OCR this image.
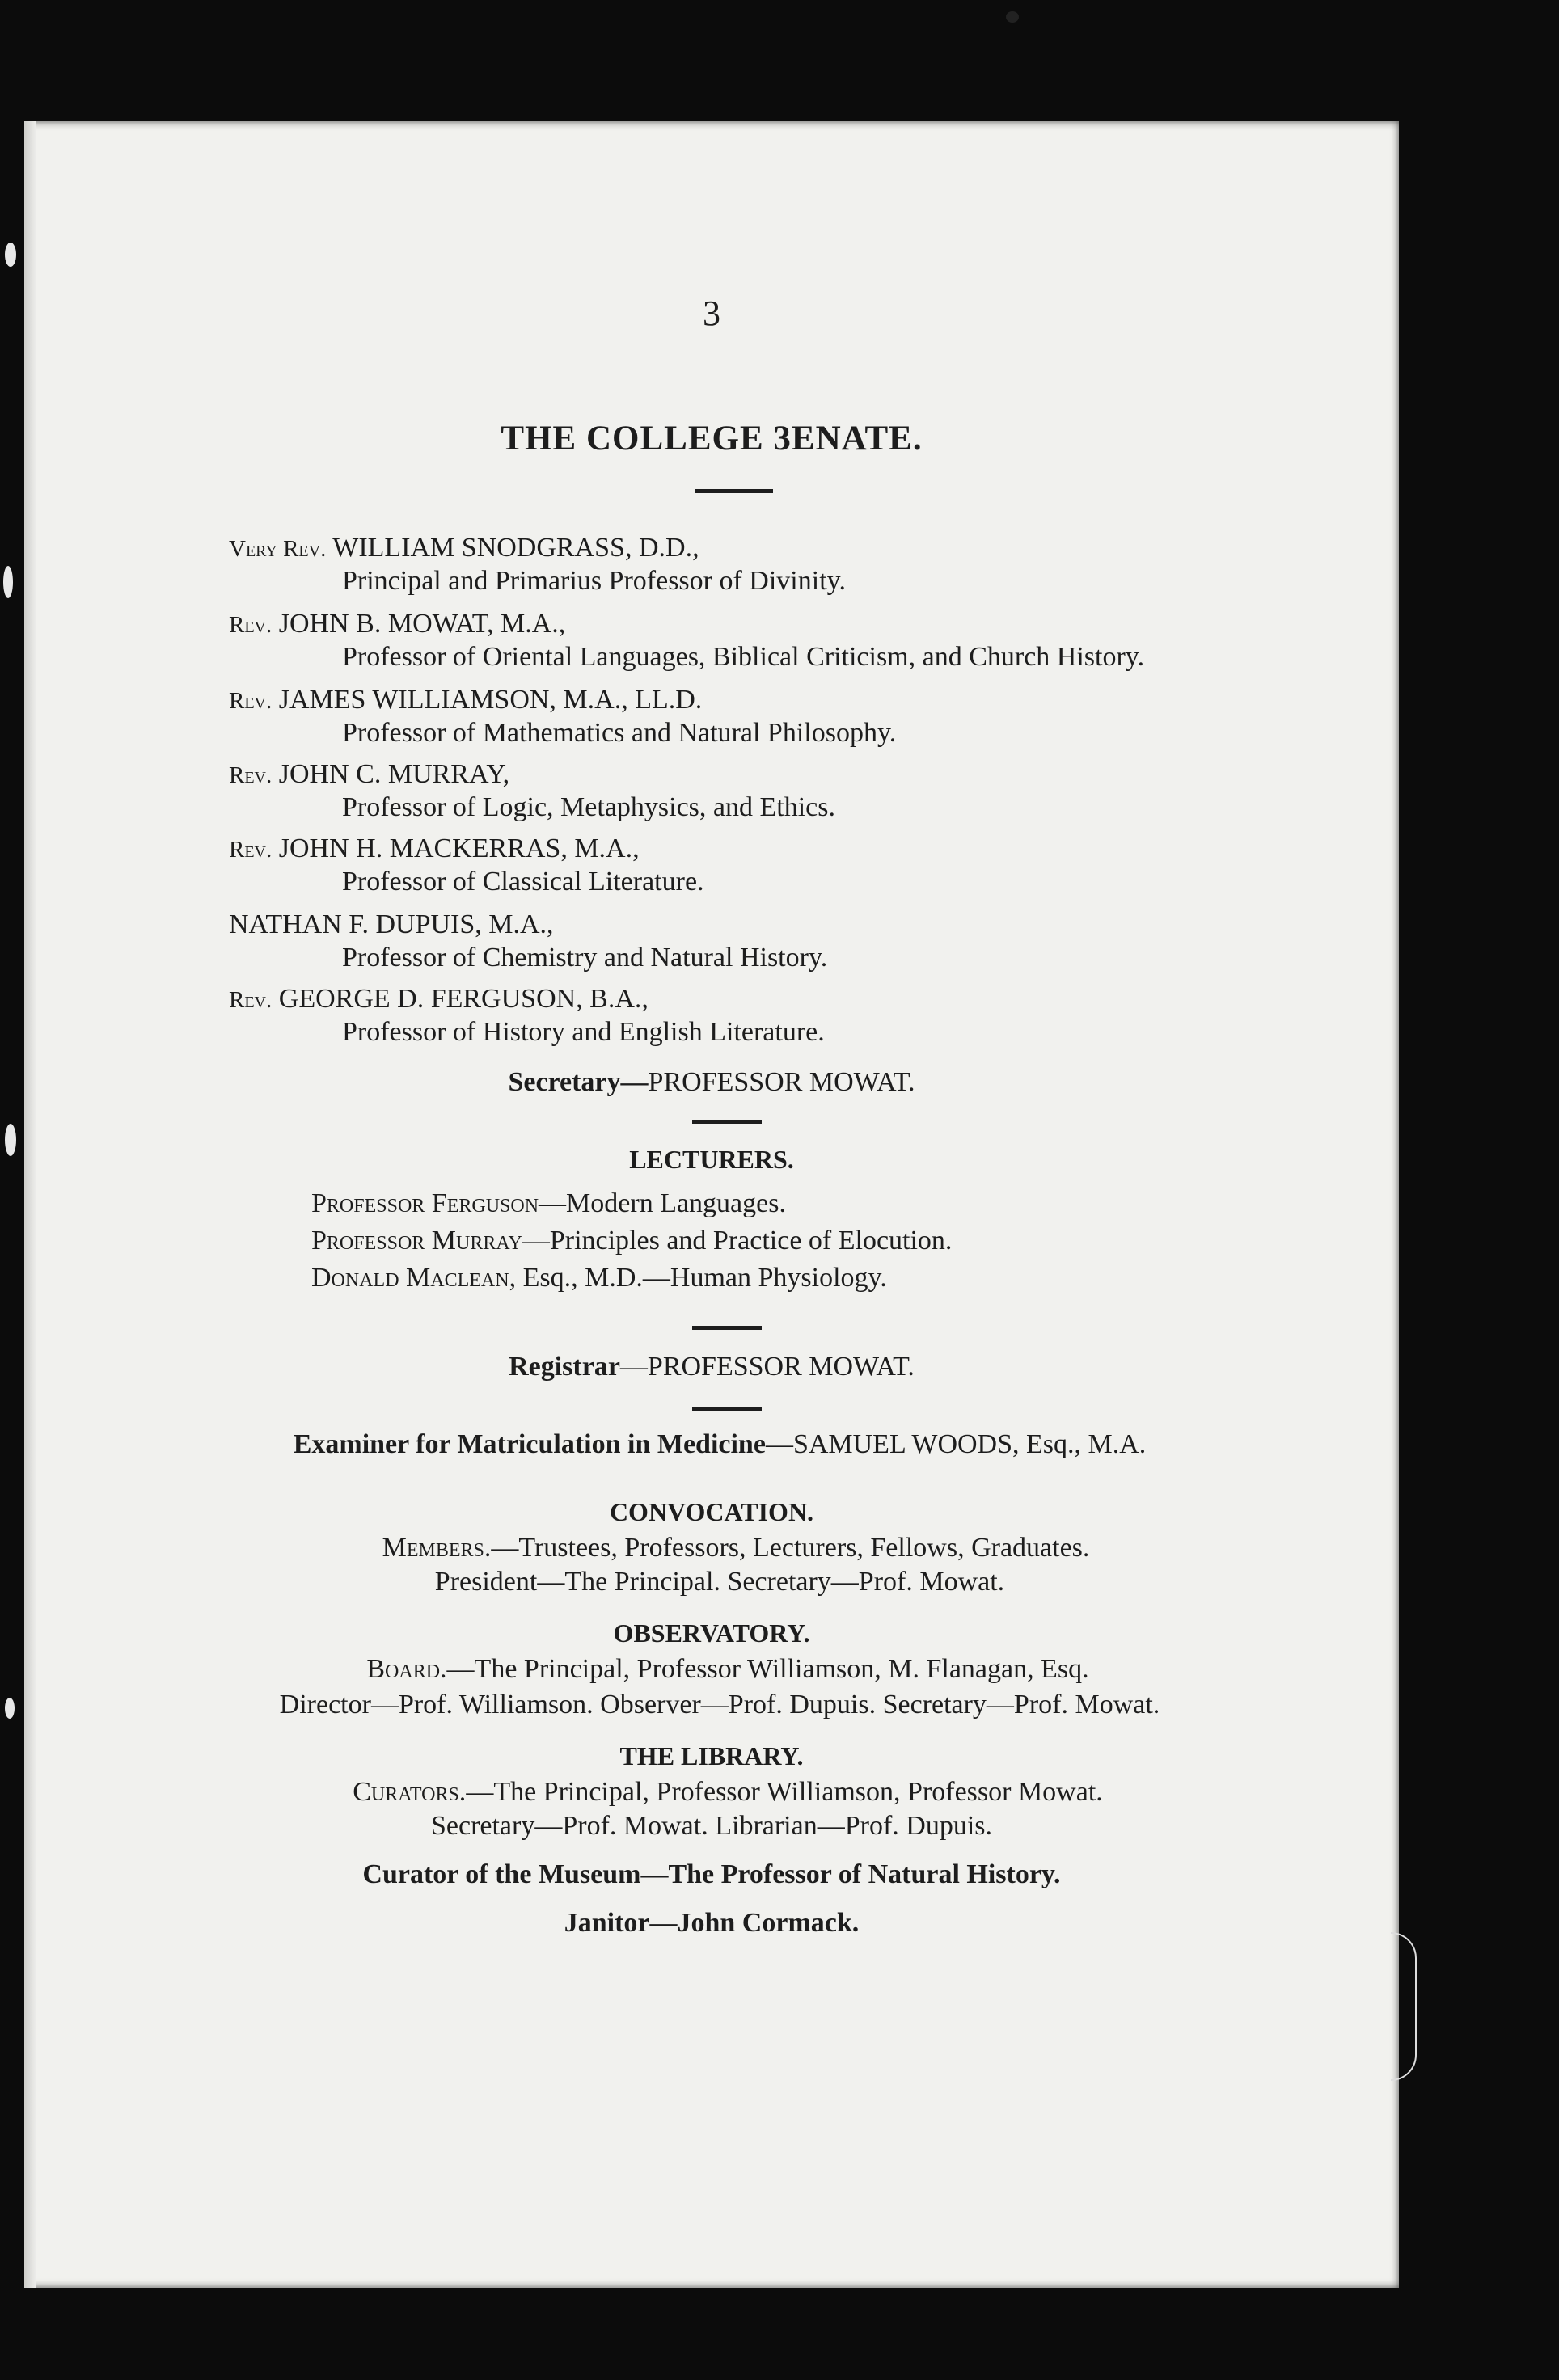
3
THE COLLEGE 3ENATE.
Very Rev. WILLIAM SNODGRASS, D.D.,
Principal and Primarius Professor of Divinity.
Rev. JOHN B. MOWAT, M.A.,
Professor of Oriental Languages, Biblical Criticism, and Church History.
Rev. JAMES WILLIAMSON, M.A., LL.D.
Professor of Mathematics and Natural Philosophy.
Rev. JOHN C. MURRAY,
Professor of Logic, Metaphysics, and Ethics.
Rev. JOHN H. MACKERRAS, M.A.,
Professor of Classical Literature.
NATHAN F. DUPUIS, M.A.,
Professor of Chemistry and Natural History.
Rev. GEORGE D. FERGUSON, B.A.,
Professor of History and English Literature.
Secretary—PROFESSOR MOWAT.
LECTURERS.
Professor Ferguson—Modern Languages.
Professor Murray—Principles and Practice of Elocution.
Donald Maclean, Esq., M.D.—Human Physiology.
Registrar—PROFESSOR MOWAT.
Examiner for Matriculation in Medicine—SAMUEL WOODS, Esq., M.A.
CONVOCATION.
Members.—Trustees, Professors, Lecturers, Fellows, Graduates.
President—The Principal. Secretary—Prof. Mowat.
OBSERVATORY.
Board.—The Principal, Professor Williamson, M. Flanagan, Esq.
Director—Prof. Williamson. Observer—Prof. Dupuis. Secretary—Prof. Mowat.
THE LIBRARY.
Curators.—The Principal, Professor Williamson, Professor Mowat.
Secretary—Prof. Mowat. Librarian—Prof. Dupuis.
Curator of the Museum—The Professor of Natural History.
Janitor—John Cormack.
